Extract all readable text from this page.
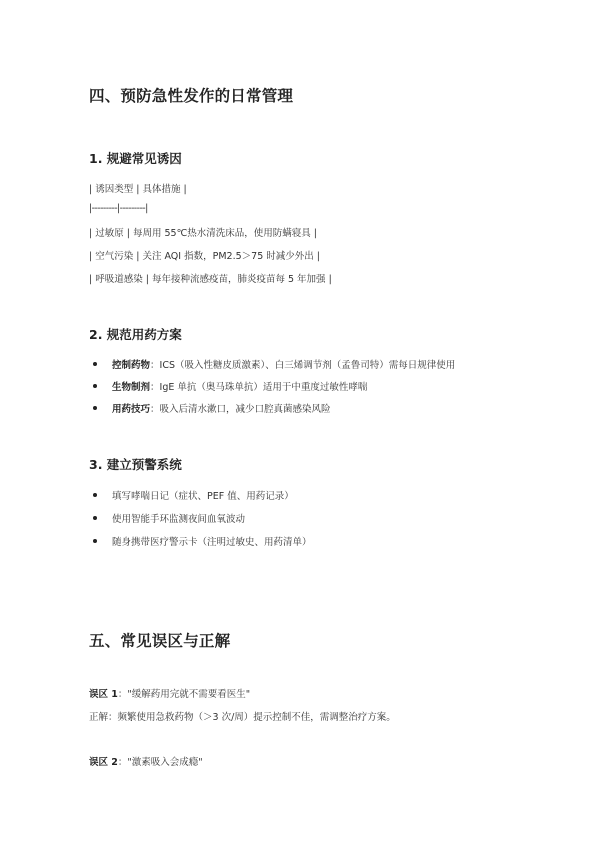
四、预防急性发作的日常管理
1. 规避常见诱因
| 诱因类型 | 具体措施 |
|---------|---------|
| 过敏原 | 每周用 55℃热水清洗床品，使用防螨寝具 |
| 空气污染 | 关注 AQI 指数，PM2.5＞75 时减少外出 |
| 呼吸道感染 | 每年接种流感疫苗，肺炎疫苗每 5 年加强 |
2. 规范用药方案
控制药物：ICS（吸入性糖皮质激素）、白三烯调节剂（孟鲁司特）需每日规律使用
生物制剂：IgE 单抗（奥马珠单抗）适用于中重度过敏性哮喘
用药技巧：吸入后清水漱口，减少口腔真菌感染风险
3. 建立预警系统
填写哮喘日记（症状、PEF 值、用药记录）
使用智能手环监测夜间血氧波动
随身携带医疗警示卡（注明过敏史、用药清单）
五、常见误区与正解
误区 1："缓解药用完就不需要看医生"
正解：频繁使用急救药物（＞3 次/周）提示控制不佳，需调整治疗方案。
误区 2："激素吸入会成瘾"
